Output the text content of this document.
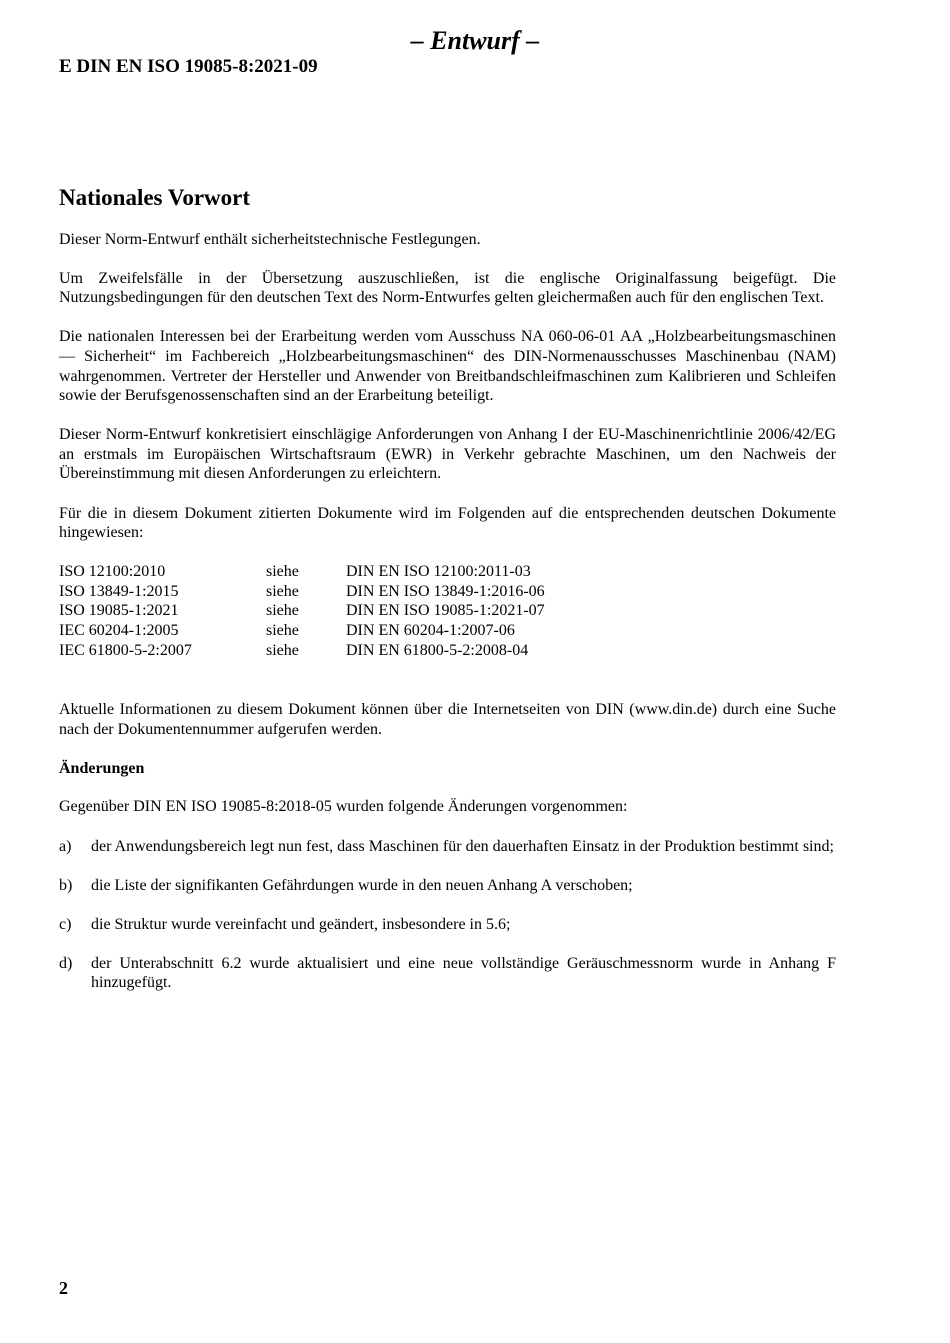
– Entwurf –
E DIN EN ISO 19085-8:2021-09
Nationales Vorwort

Dieser Norm-Entwurf enthält sicherheitstechnische Festlegungen.

Um Zweifelsfälle in der Übersetzung auszuschließen, ist die englische Originalfassung beigefügt. Die Nutzungsbedingungen für den deutschen Text des Norm-Entwurfes gelten gleichermaßen auch für den englischen Text.

Die nationalen Interessen bei der Erarbeitung werden vom Ausschuss NA 060-06-01 AA „Holzbearbeitungsmaschinen — Sicherheit“ im Fachbereich „Holzbearbeitungsmaschinen“ des DIN-Normenausschusses Maschinenbau (NAM) wahrgenommen. Vertreter der Hersteller und Anwender von Breitbandschleifmaschinen zum Kalibrieren und Schleifen sowie der Berufsgenossenschaften sind an der Erarbeitung beteiligt.

Dieser Norm-Entwurf konkretisiert einschlägige Anforderungen von Anhang I der EU-Maschinenrichtlinie 2006/42/EG an erstmals im Europäischen Wirtschaftsraum (EWR) in Verkehr gebrachte Maschinen, um den Nachweis der Übereinstimmung mit diesen Anforderungen zu erleichtern.

Für die in diesem Dokument zitierten Dokumente wird im Folgenden auf die entsprechenden deutschen Dokumente hingewiesen:

ISO 12100:2010	siehe	DIN EN ISO 12100:2011-03
ISO 13849-1:2015	siehe	DIN EN ISO 13849-1:2016-06
ISO 19085-1:2021	siehe	DIN EN ISO 19085-1:2021-07
IEC 60204-1:2005	siehe	DIN EN 60204-1:2007-06
IEC 61800-5-2:2007	siehe	DIN EN 61800-5-2:2008-04

Aktuelle Informationen zu diesem Dokument können über die Internetseiten von DIN (www.din.de) durch eine Suche nach der Dokumentennummer aufgerufen werden.

Änderungen

Gegenüber DIN EN ISO 19085-8:2018-05 wurden folgende Änderungen vorgenommen:

a)	der Anwendungsbereich legt nun fest, dass Maschinen für den dauerhaften Einsatz in der Produktion bestimmt sind;
b)	die Liste der signifikanten Gefährdungen wurde in den neuen Anhang A verschoben;
c)	die Struktur wurde vereinfacht und geändert, insbesondere in 5.6;
d)	der Unterabschnitt 6.2 wurde aktualisiert und eine neue vollständige Geräuschmessnorm wurde in Anhang F hinzugefügt.
2
